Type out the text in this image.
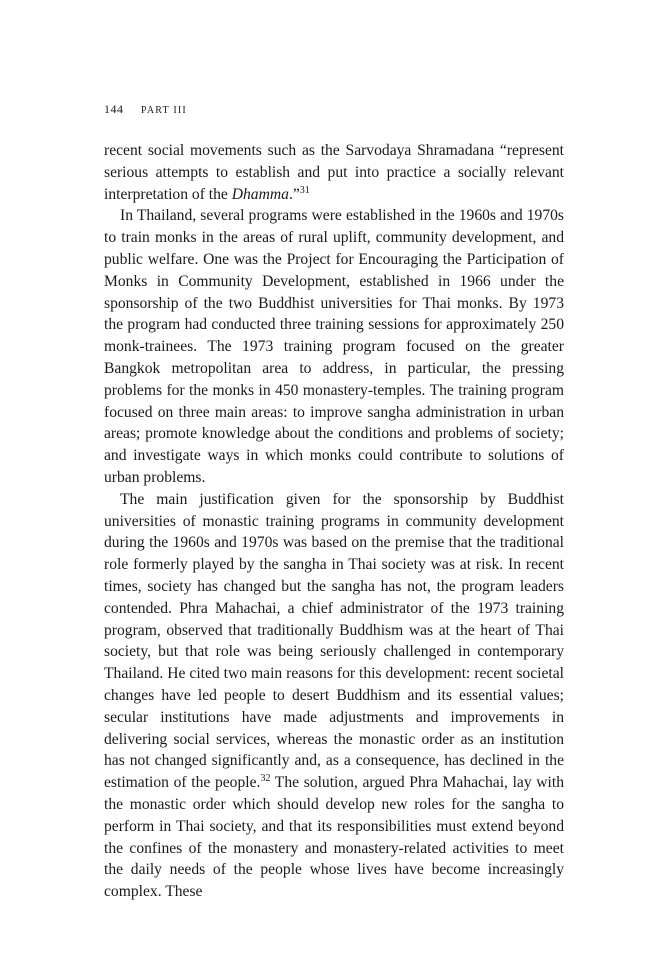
144 PART III

recent social movements such as the Sarvodaya Shramadana “represent serious attempts to establish and put into practice a socially relevant interpretation of the Dhamma.”$^{31}$

In Thailand, several programs were established in the 1960s and 1970s to train monks in the areas of rural uplift, community development, and public welfare. One was the Project for Encouraging the Participation of Monks in Community Development, established in 1966 under the sponsorship of the two Buddhist universities for Thai monks. By 1973 the program had conducted three training sessions for approximately 250 monk-trainees. The 1973 training program focused on the greater Bangkok metropolitan area to address, in particular, the pressing problems for the monks in 450 monastery-temples. The training program focused on three main areas: to improve sangha administration in urban areas; promote knowledge about the conditions and problems of society; and investigate ways in which monks could contribute to solutions of urban problems.

The main justification given for the sponsorship by Buddhist universities of monastic training programs in community development during the 1960s and 1970s was based on the premise that the traditional role formerly played by the sangha in Thai society was at risk. In recent times, society has changed but the sangha has not, the program leaders contended. Phra Mahachai, a chief administrator of the 1973 training program, observed that traditionally Buddhism was at the heart of Thai society, but that role was being seriously challenged in contemporary Thailand. He cited two main reasons for this development: recent societal changes have led people to desert Buddhism and its essential values; secular institutions have made adjustments and improvements in delivering social services, whereas the monastic order as an institution has not changed significantly and, as a consequence, has declined in the estimation of the people.$^{32}$ The solution, argued Phra Mahachai, lay with the monastic order which should develop new roles for the sangha to perform in Thai society, and that its responsibilities must extend beyond the confines of the monastery and monastery-related activities to meet the daily needs of the people whose lives have become increasingly complex. These
